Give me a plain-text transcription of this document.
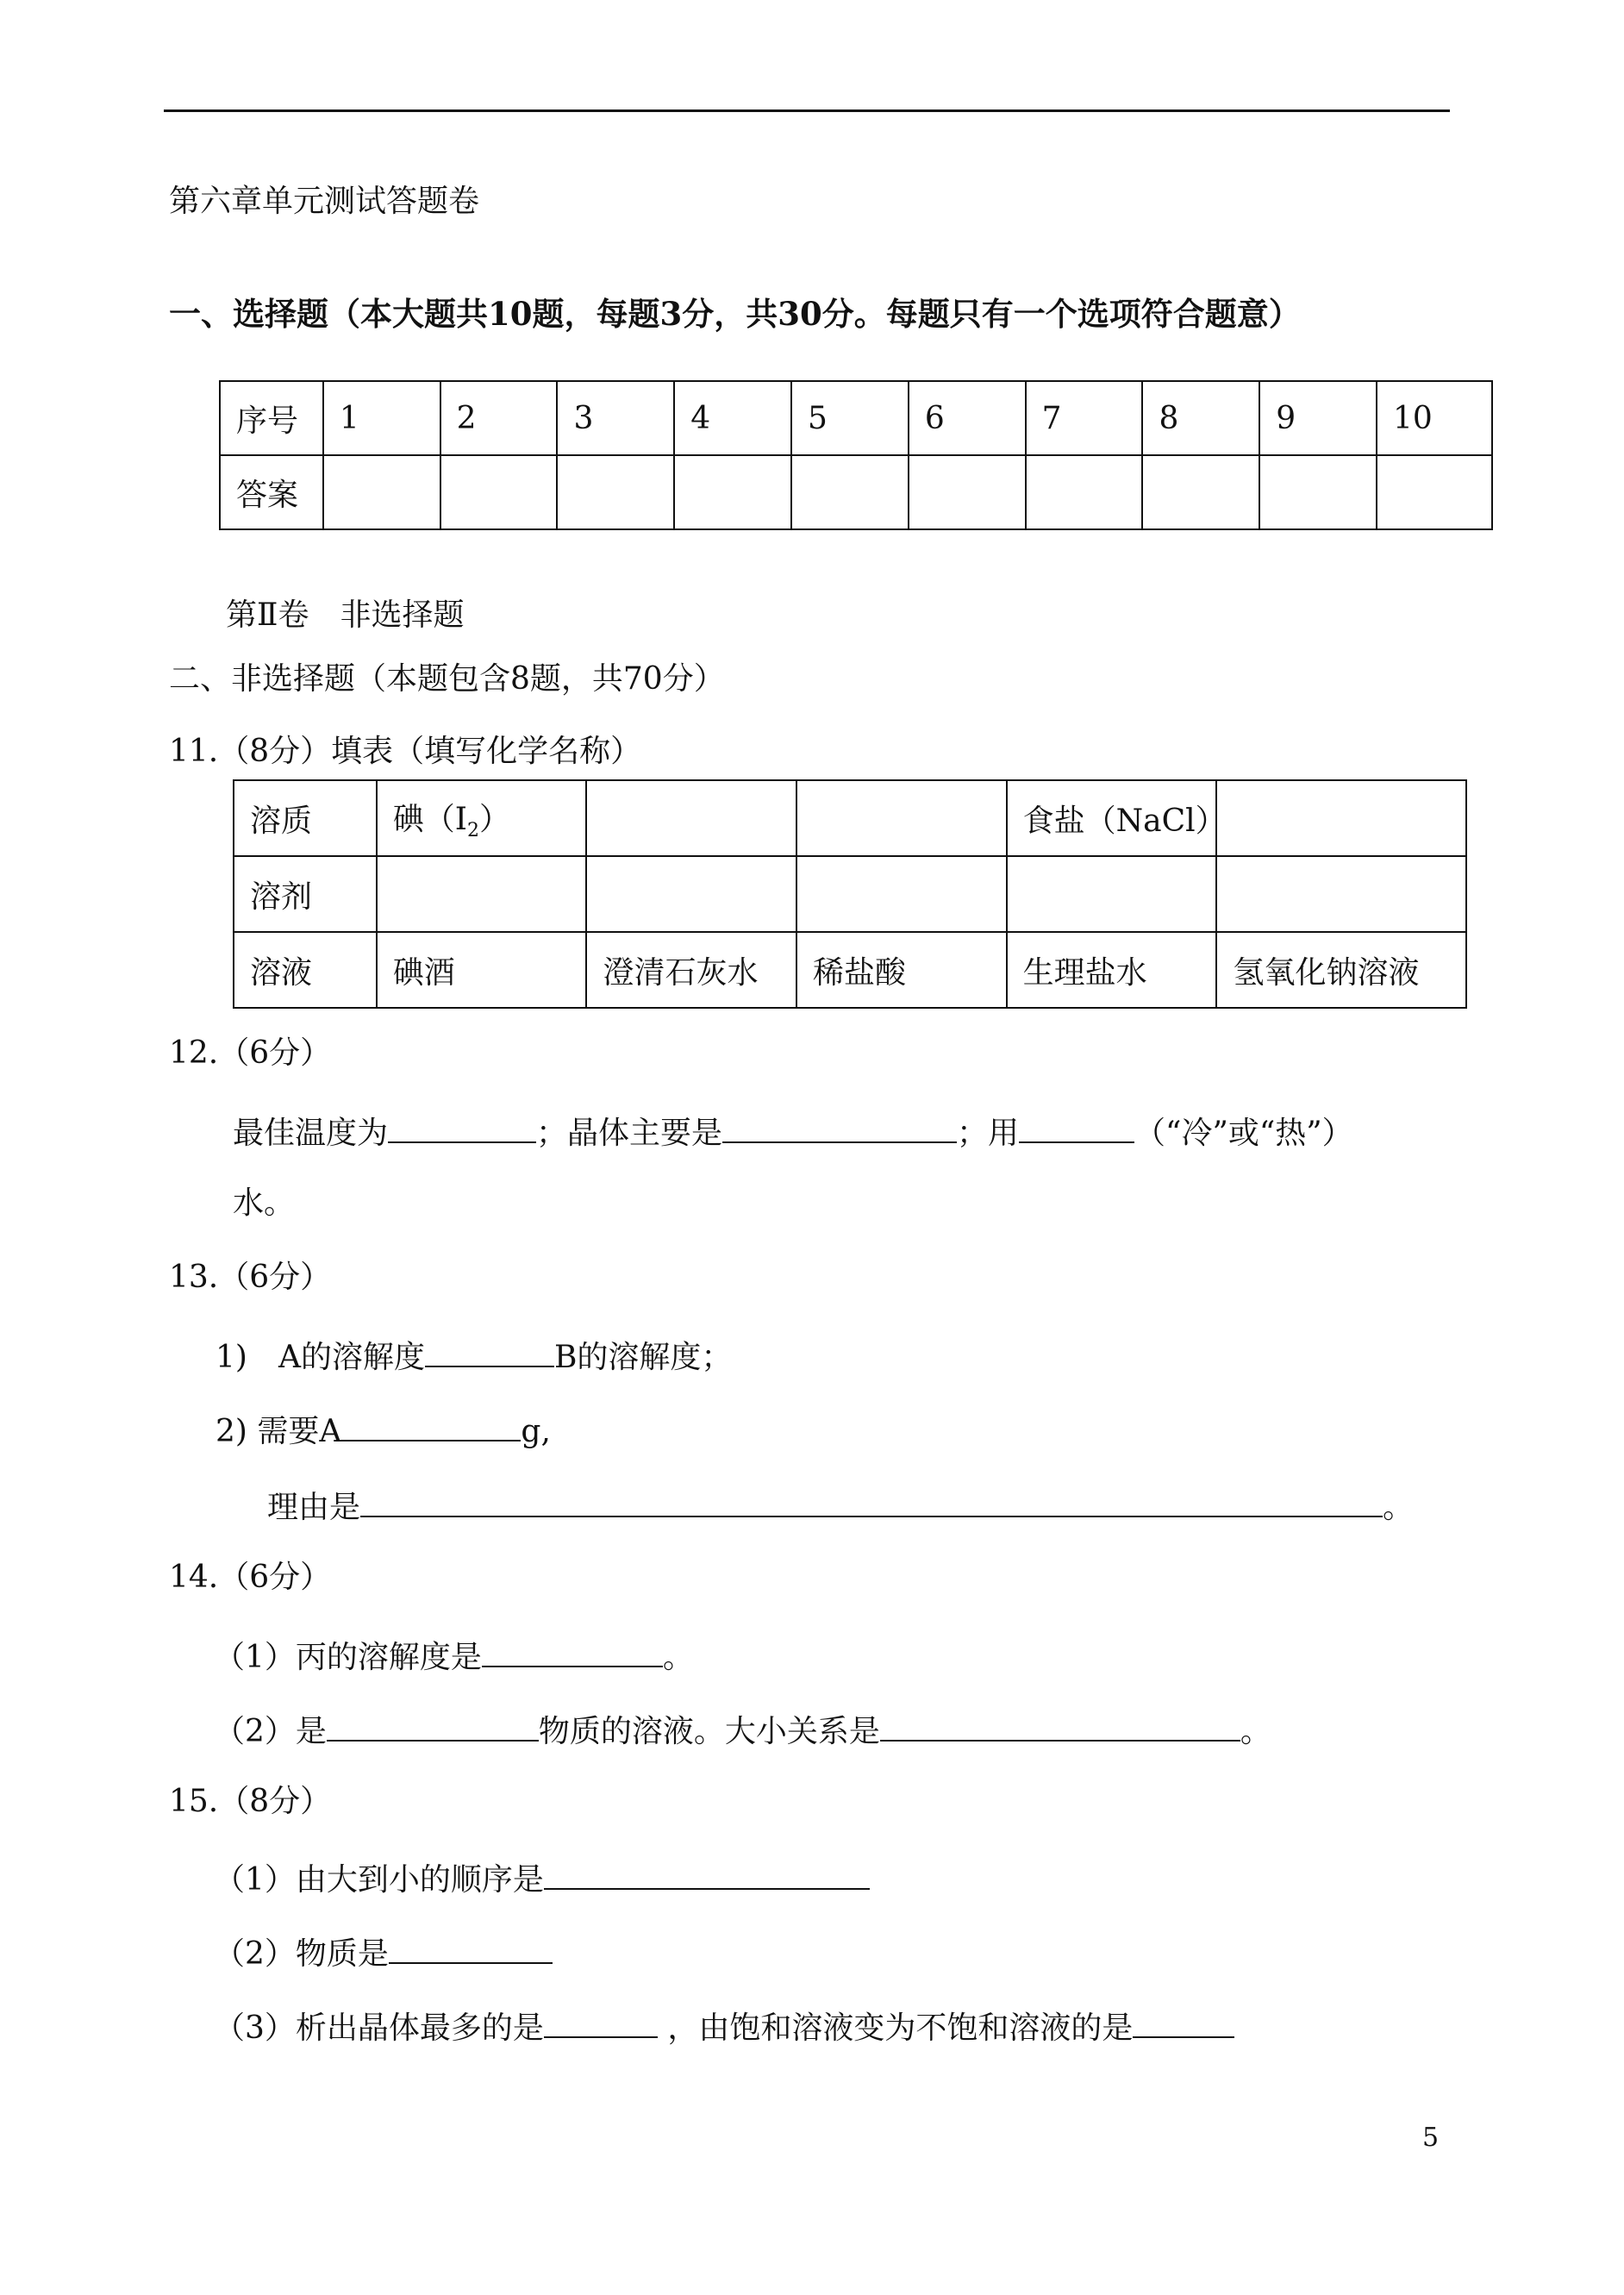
第六章单元测试答题卷
一、选择题（本大题共10题，每题3分，共30分。每题只有一个选项符合题意）
序号	1	2	3	4	5	6	7	8	9	10
答案										
第Ⅱ卷　非选择题
二、非选择题（本题包含8题，共70分）
11.（8分）填表（填写化学名称）
溶质	碘$(I_2)$			食盐（NaCl）	
溶剂					
溶液	碘酒	澄清石灰水	稀盐酸	生理盐水	氢氧化钠溶液
12.（6分）
最佳温度为	；晶体主要是	；用	（“冷”或“热”）
水。
13.（6分）
1)　A的溶解度	B的溶解度；
2) 需要A	g,
理由是	。
14.（6分）
（1）丙的溶解度是	。
（2）是	物质的溶液。大小关系是	。
15.（8分）
（1）由大到小的顺序是
（2）物质是
（3）析出晶体最多的是	，由饱和溶液变为不饱和溶液的是
5
